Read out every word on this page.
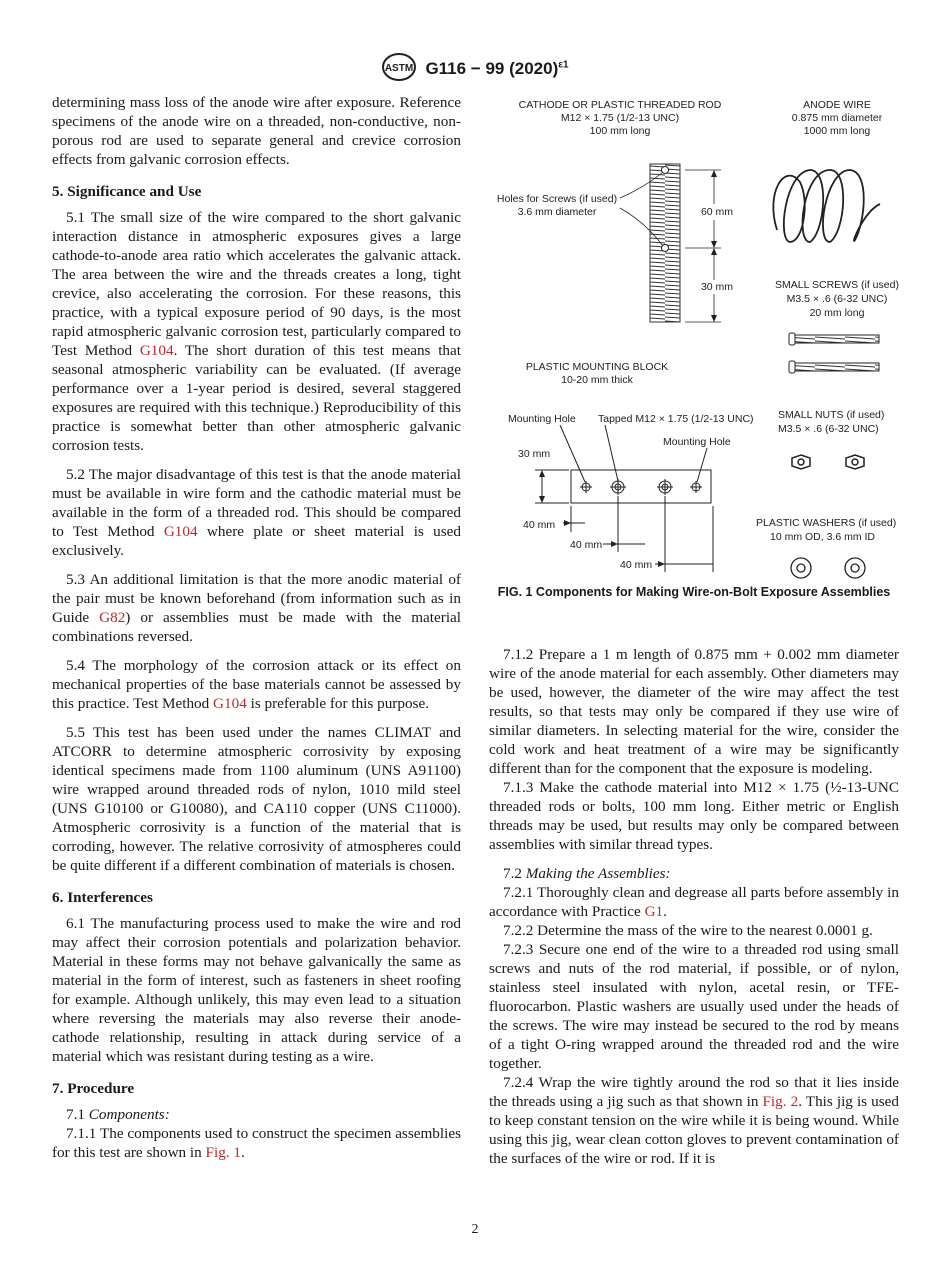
ASTM G116 − 99 $(2020)^{\varepsilon 1}$

determining mass loss of the anode wire after exposure. Reference specimens of the anode wire on a threaded, non-conductive, non-porous rod are used to separate general and crevice corrosion effects from galvanic corrosion effects.

5. Significance and Use

5.1 The small size of the wire compared to the short galvanic interaction distance in atmospheric exposures gives a large cathode-to-anode area ratio which accelerates the galvanic attack. The area between the wire and the threads creates a long, tight crevice, also accelerating the corrosion. For these reasons, this practice, with a typical exposure period of 90 days, is the most rapid atmospheric galvanic corrosion test, particularly compared to Test Method G104. The short duration of this test means that seasonal atmospheric variability can be evaluated. (If average performance over a 1-year period is desired, several staggered exposures are required with this technique.) Reproducibility of this practice is somewhat better than other atmospheric galvanic corrosion tests.

5.2 The major disadvantage of this test is that the anode material must be available in wire form and the cathodic material must be available in the form of a threaded rod. This should be compared to Test Method G104 where plate or sheet material is used exclusively.

5.3 An additional limitation is that the more anodic material of the pair must be known beforehand (from information such as in Guide G82) or assemblies must be made with the material combinations reversed.

5.4 The morphology of the corrosion attack or its effect on mechanical properties of the base materials cannot be assessed by this practice. Test Method G104 is preferable for this purpose.

5.5 This test has been used under the names CLIMAT and ATCORR to determine atmospheric corrosivity by exposing identical specimens made from 1100 aluminum (UNS A91100) wire wrapped around threaded rods of nylon, 1010 mild steel (UNS G10100 or G10080), and CA110 copper (UNS C11000). Atmospheric corrosivity is a function of the material that is corroding, however. The relative corrosivity of atmospheres could be quite different if a different combination of materials is chosen.

6. Interferences

6.1 The manufacturing process used to make the wire and rod may affect their corrosion potentials and polarization behavior. Material in these forms may not behave galvanically the same as material in the form of interest, such as fasteners in sheet roofing for example. Although unlikely, this may even lead to a situation where reversing the materials may also reverse their anode-cathode relationship, resulting in attack during service of a material which was resistant during testing as a wire.

7. Procedure

7.1 Components:

7.1.1 The components used to construct the specimen assemblies for this test are shown in Fig. 1.

CATHODE OR PLASTIC THREADED ROD
M12 × 1.75 (1/2-13 UNC)
100 mm long
ANODE WIRE
0.875 mm diameter
1000 mm long
Holes for Screws (if used)
3.6 mm diameter	60 mm
30 mm	SMALL SCREWS (if used)
M3.5 × .6 (6-32 UNC)
20 mm long
PLASTIC MOUNTING BLOCK
10-20 mm thick
Mounting Hole Tapped M12 × 1.75 (1/2-13 UNC)
Mounting Hole
30 mm
40 mm
40 mm
40 mm
SMALL NUTS (if used)
M3.5 × .6 (6-32 UNC)
PLASTIC WASHERS (if used)
10 mm OD, 3.6 mm ID
FIG. 1 Components for Making Wire-on-Bolt Exposure Assemblies

7.1.2 Prepare a 1 m length of 0.875 mm + 0.002 mm diameter wire of the anode material for each assembly. Other diameters may be used, however, the diameter of the wire may affect the test results, so that tests may only be compared if they use wire of similar diameters. In selecting material for the wire, consider the cold work and heat treatment of a wire may be significantly different than for the component that the exposure is modeling.

7.1.3 Make the cathode material into M12 × 1.75 (½-13-UNC threaded rods or bolts, 100 mm long. Either metric or English threads may be used, but results may only be compared between assemblies with similar thread types.

7.2 Making the Assemblies:

7.2.1 Thoroughly clean and degrease all parts before assembly in accordance with Practice G1.

7.2.2 Determine the mass of the wire to the nearest 0.0001 g.

7.2.3 Secure one end of the wire to a threaded rod using small screws and nuts of the rod material, if possible, or of nylon, stainless steel insulated with nylon, acetal resin, or TFE-fluorocarbon. Plastic washers are usually used under the heads of the screws. The wire may instead be secured to the rod by means of a tight O-ring wrapped around the threaded rod and the wire together.

7.2.4 Wrap the wire tightly around the rod so that it lies inside the threads using a jig such as that shown in Fig. 2. This jig is used to keep constant tension on the wire while it is being wound. While using this jig, wear clean cotton gloves to prevent contamination of the surfaces of the wire or rod. If it is

2
